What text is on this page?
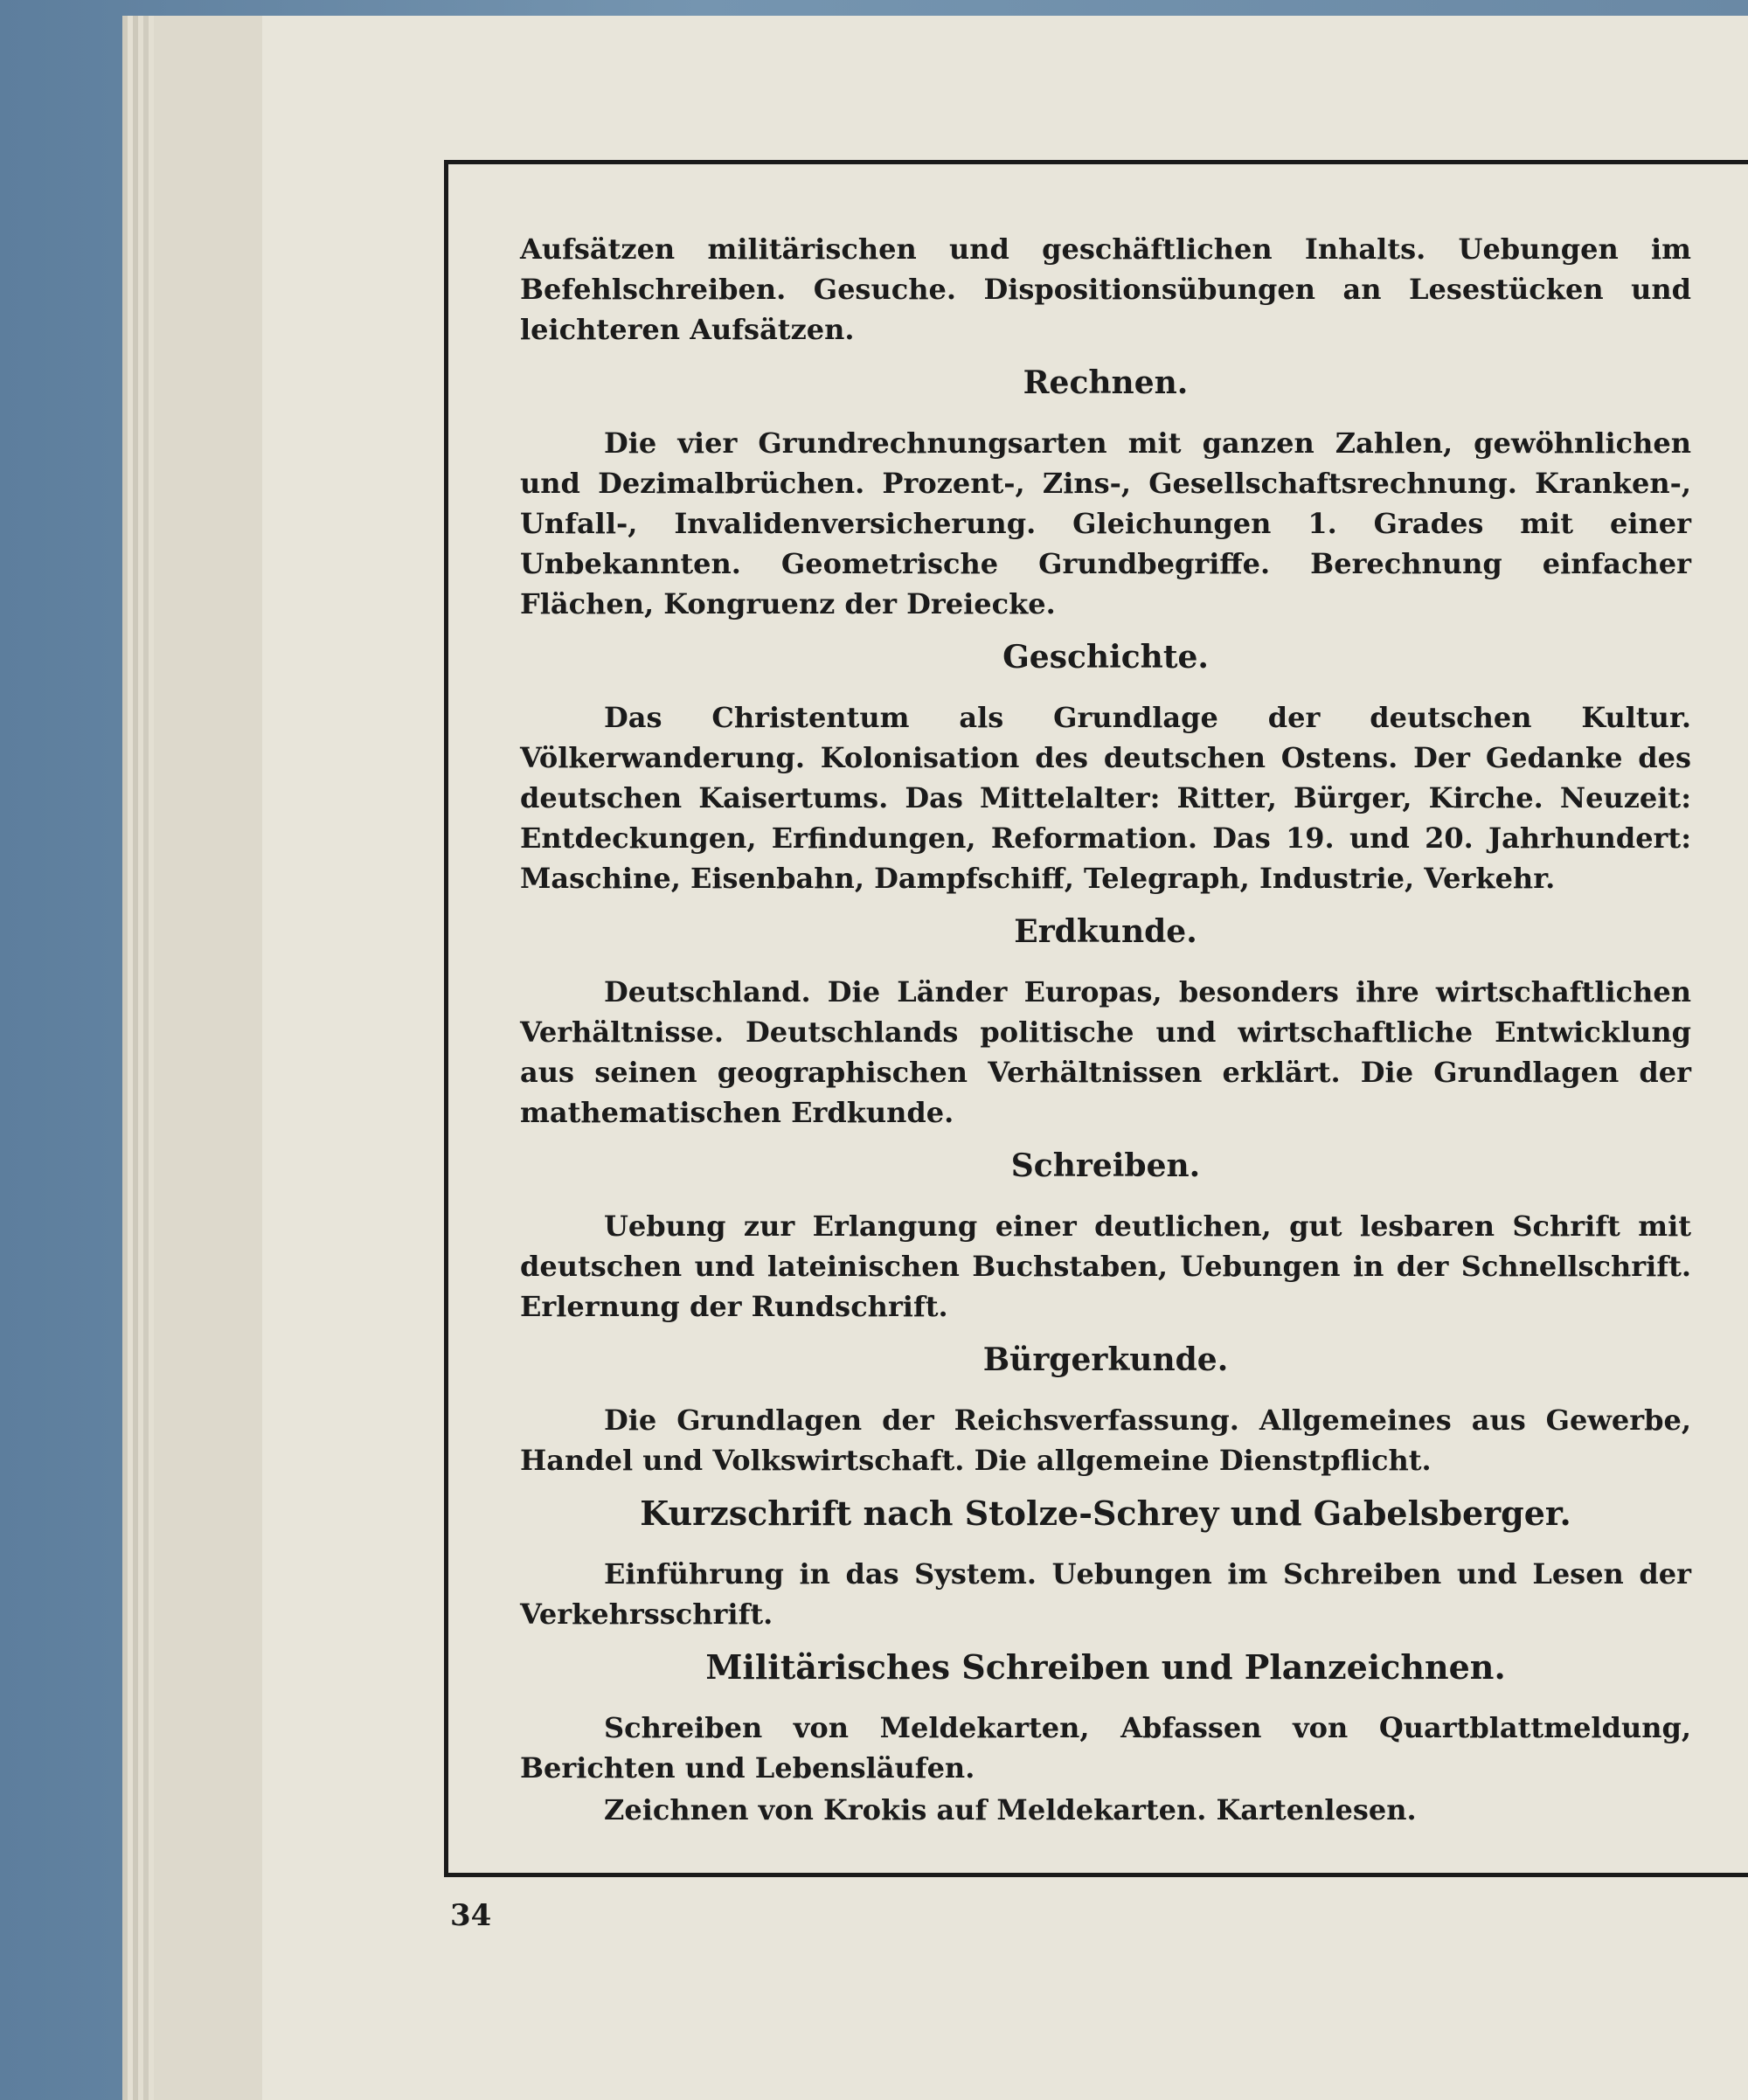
Aufsätzen militärischen und geschäftlichen Inhalts. Uebungen im Befehlschreiben. Gesuche. Dispositionsübungen an Lesestücken und leichteren Aufsätzen.

Rechnen.

Die vier Grundrechnungsarten mit ganzen Zahlen, gewöhnlichen und Dezimalbrüchen. Prozent-, Zins-, Gesellschaftsrechnung. Kranken-, Unfall-, Invalidenversicherung. Gleichungen 1. Grades mit einer Unbekannten. Geometrische Grundbegriffe. Berechnung einfacher Flächen, Kongruenz der Dreiecke.

Geschichte.

Das Christentum als Grundlage der deutschen Kultur. Völkerwanderung. Kolonisation des deutschen Ostens. Der Gedanke des deutschen Kaisertums. Das Mittelalter: Ritter, Bürger, Kirche. Neuzeit: Entdeckungen, Erfindungen, Reformation. Das 19. und 20. Jahrhundert: Maschine, Eisenbahn, Dampfschiff, Telegraph, Industrie, Verkehr.

Erdkunde.

Deutschland. Die Länder Europas, besonders ihre wirtschaftlichen Verhältnisse. Deutschlands politische und wirtschaftliche Entwicklung aus seinen geographischen Verhältnissen erklärt. Die Grundlagen der mathematischen Erdkunde.

Schreiben.

Uebung zur Erlangung einer deutlichen, gut lesbaren Schrift mit deutschen und lateinischen Buchstaben, Uebungen in der Schnellschrift. Erlernung der Rundschrift.

Bürgerkunde.

Die Grundlagen der Reichsverfassung. Allgemeines aus Gewerbe, Handel und Volkswirtschaft. Die allgemeine Dienstpflicht.

Kurzschrift nach Stolze-Schrey und Gabelsberger.

Einführung in das System. Uebungen im Schreiben und Lesen der Verkehrsschrift.

Militärisches Schreiben und Planzeichnen.

Schreiben von Meldekarten, Abfassen von Quartblattmeldung, Berichten und Lebensläufen.

Zeichnen von Krokis auf Meldekarten. Kartenlesen.

34
